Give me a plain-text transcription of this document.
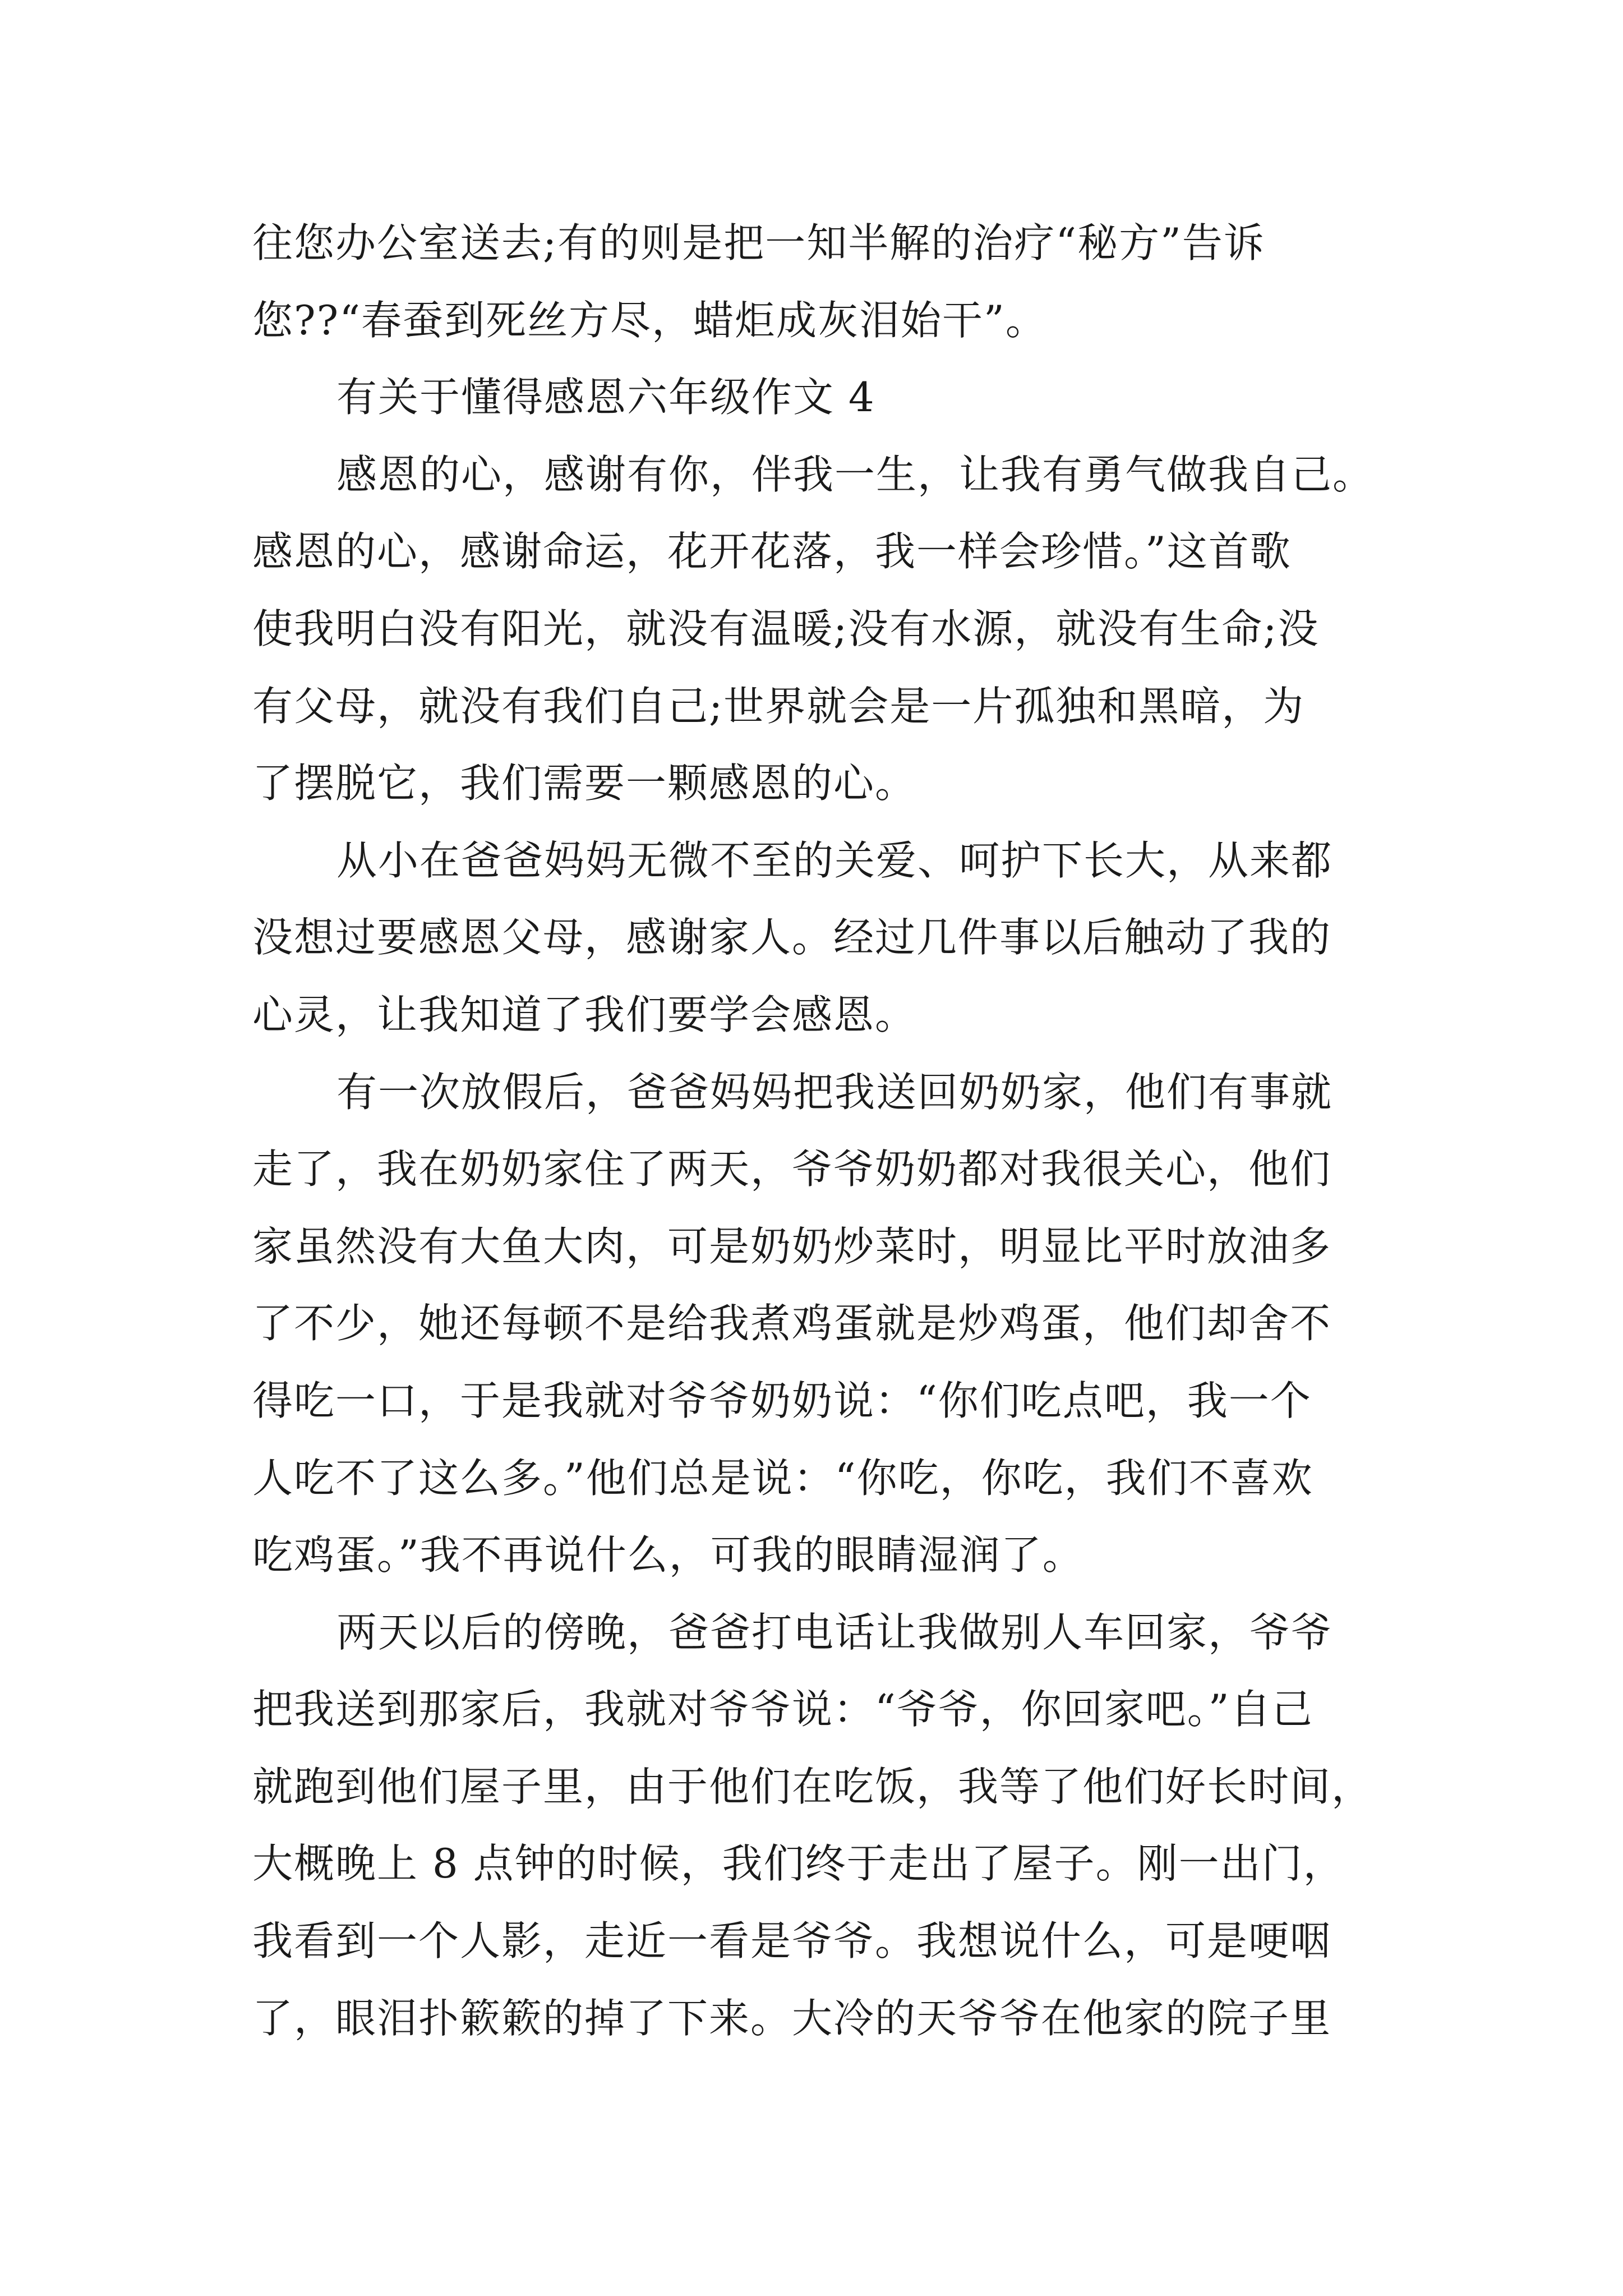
往您办公室送去;有的则是把一知半解的治疗“秘方”告诉
您??“春蚕到死丝方尽，蜡炬成灰泪始干”。
有关于懂得感恩六年级作文 4
感恩的心，感谢有你，伴我一生，让我有勇气做我自己。
感恩的心，感谢命运，花开花落，我一样会珍惜。”这首歌
使我明白没有阳光，就没有温暖;没有水源，就没有生命;没
有父母，就没有我们自己;世界就会是一片孤独和黑暗，为
了摆脱它，我们需要一颗感恩的心。
从小在爸爸妈妈无微不至的关爱、呵护下长大，从来都
没想过要感恩父母，感谢家人。经过几件事以后触动了我的
心灵，让我知道了我们要学会感恩。
有一次放假后，爸爸妈妈把我送回奶奶家，他们有事就
走了，我在奶奶家住了两天，爷爷奶奶都对我很关心，他们
家虽然没有大鱼大肉，可是奶奶炒菜时，明显比平时放油多
了不少，她还每顿不是给我煮鸡蛋就是炒鸡蛋，他们却舍不
得吃一口，于是我就对爷爷奶奶说：“你们吃点吧，我一个
人吃不了这么多。”他们总是说：“你吃，你吃，我们不喜欢
吃鸡蛋。”我不再说什么，可我的眼睛湿润了。
两天以后的傍晚，爸爸打电话让我做别人车回家，爷爷
把我送到那家后，我就对爷爷说：“爷爷，你回家吧。”自己
就跑到他们屋子里，由于他们在吃饭，我等了他们好长时间，
大概晚上 8 点钟的时候，我们终于走出了屋子。刚一出门，
我看到一个人影，走近一看是爷爷。我想说什么，可是哽咽
了，眼泪扑簌簌的掉了下来。大冷的天爷爷在他家的院子里
